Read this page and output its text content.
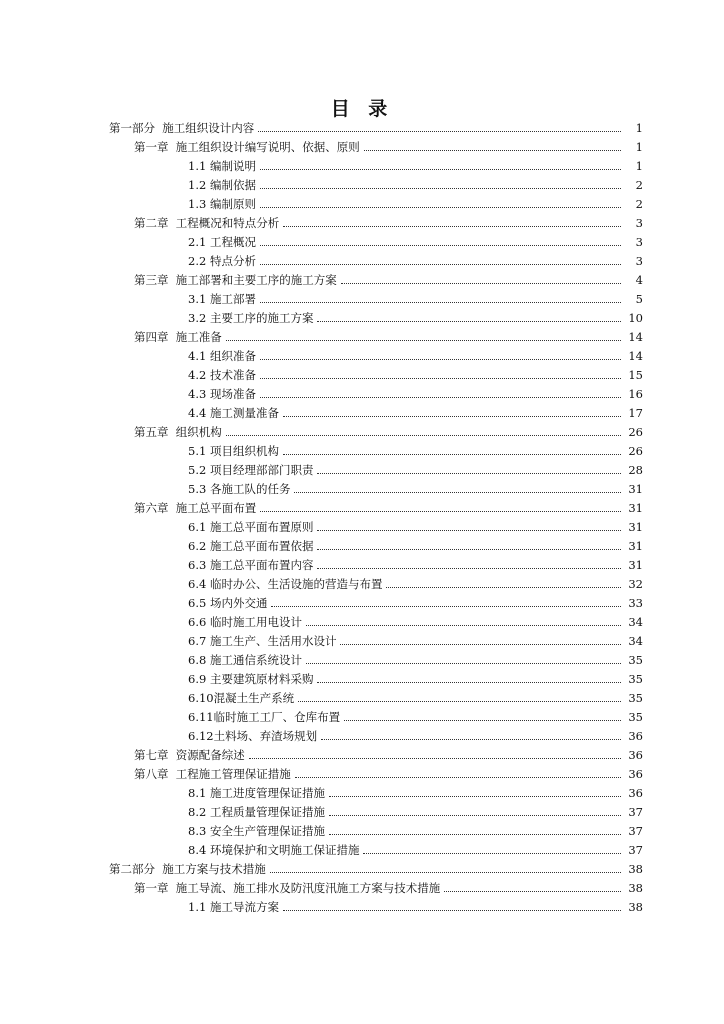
目 录
第一部分  施工组织设计内容	1
第一章  施工组织设计编写说明、依据、原则	1
1.1 编制说明	1
1.2 编制依据	2
1.3 编制原则	2
第二章  工程概况和特点分析	3
2.1 工程概况	3
2.2 特点分析	3
第三章  施工部署和主要工序的施工方案	4
3.1 施工部署	5
3.2 主要工序的施工方案	10
第四章  施工准备	14
4.1 组织准备	14
4.2 技术准备	15
4.3 现场准备	16
4.4 施工测量准备	17
第五章  组织机构	26
5.1 项目组织机构	26
5.2 项目经理部部门职责	28
5.3 各施工队的任务	31
第六章  施工总平面布置	31
6.1 施工总平面布置原则	31
6.2 施工总平面布置依据	31
6.3 施工总平面布置内容	31
6.4 临时办公、生活设施的营造与布置	32
6.5 场内外交通	33
6.6 临时施工用电设计	34
6.7 施工生产、生活用水设计	34
6.8 施工通信系统设计	35
6.9 主要建筑原材料采购	35
6.10混凝土生产系统	35
6.11临时施工工厂、仓库布置	35
6.12土料场、弃渣场规划	36
第七章  资源配备综述	36
第八章  工程施工管理保证措施	36
8.1 施工进度管理保证措施	36
8.2 工程质量管理保证措施	37
8.3 安全生产管理保证措施	37
8.4 环境保护和文明施工保证措施	37
第二部分  施工方案与技术措施	38
第一章  施工导流、施工排水及防汛度汛施工方案与技术措施	38
1.1 施工导流方案	38
